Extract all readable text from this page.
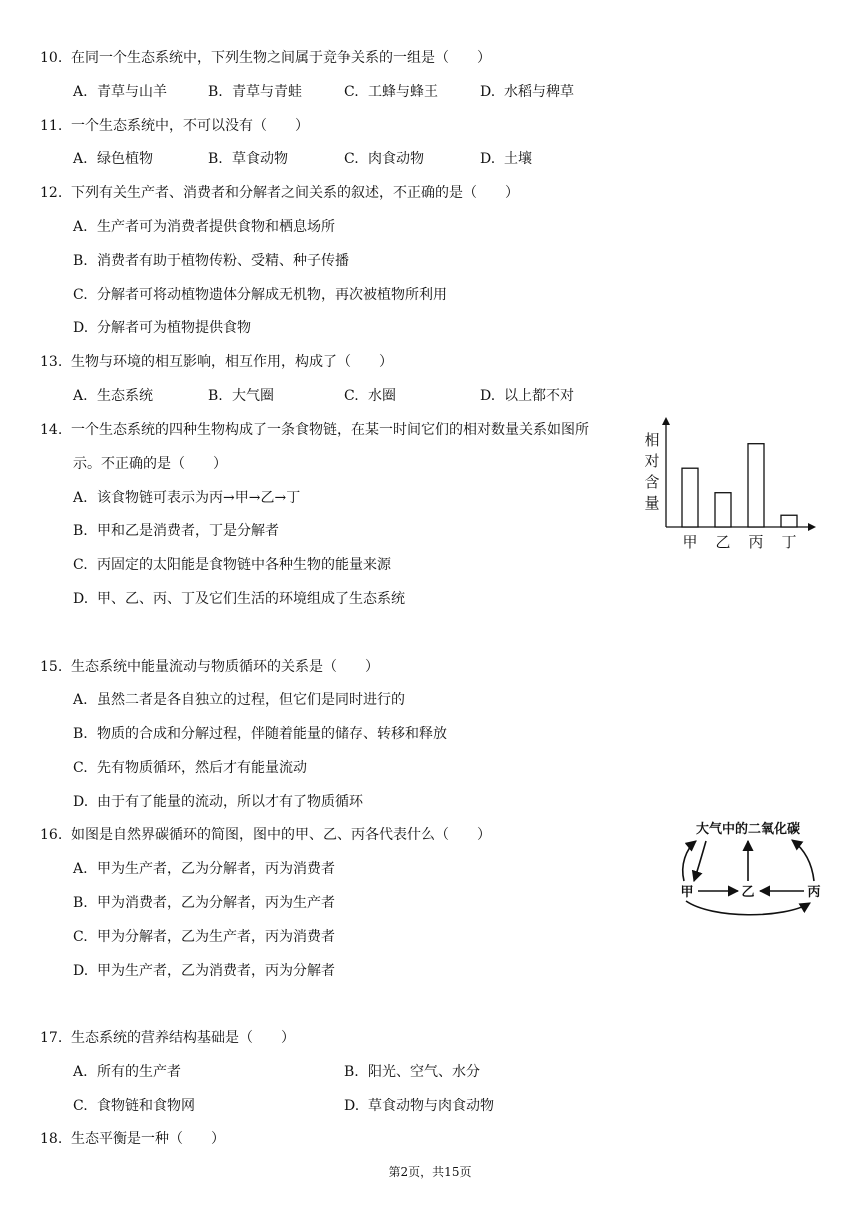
10. 在同一个生态系统中，下列生物之间属于竞争关系的一组是（　　）
A. 青草与山羊	B. 青草与青蛙	C. 工蜂与蜂王	D. 水稻与稗草
11. 一个生态系统中，不可以没有（　　）
A. 绿色植物	B. 草食动物	C. 肉食动物	D. 土壤
12. 下列有关生产者、消费者和分解者之间关系的叙述，不正确的是（　　）
A. 生产者可为消费者提供食物和栖息场所
B. 消费者有助于植物传粉、受精、种子传播
C. 分解者可将动植物遗体分解成无机物，再次被植物所利用
D. 分解者可为植物提供食物
13. 生物与环境的相互影响，相互作用，构成了（　　）
A. 生态系统	B. 大气圈	C. 水圈	D. 以上都不对
14. 一个生态系统的四种生物构成了一条食物链，在某一时间它们的相对数量关系如图所
示。不正确的是（　　）
A. 该食物链可表示为丙→甲→乙→丁
B. 甲和乙是消费者，丁是分解者
C. 丙固定的太阳能是食物链中各种生物的能量来源
D. 甲、乙、丙、丁及它们生活的环境组成了生态系统
相
对
含
量
甲 乙 丙 丁
15. 生态系统中能量流动与物质循环的关系是（　　）
A. 虽然二者是各自独立的过程，但它们是同时进行的
B. 物质的合成和分解过程，伴随着能量的储存、转移和释放
C. 先有物质循环，然后才有能量流动
D. 由于有了能量的流动，所以才有了物质循环
16. 如图是自然界碳循环的简图，图中的甲、乙、丙各代表什么（　　）
A. 甲为生产者，乙为分解者，丙为消费者
B. 甲为消费者，乙为分解者，丙为生产者
C. 甲为分解者，乙为生产者，丙为消费者
D. 甲为生产者，乙为消费者，丙为分解者
大气中的二氧化碳
甲	乙	丙
17. 生态系统的营养结构基础是（　　）
A. 所有的生产者	B. 阳光、空气、水分
C. 食物链和食物网	D. 草食动物与肉食动物
18. 生态平衡是一种（　　）
第2页，共15页
